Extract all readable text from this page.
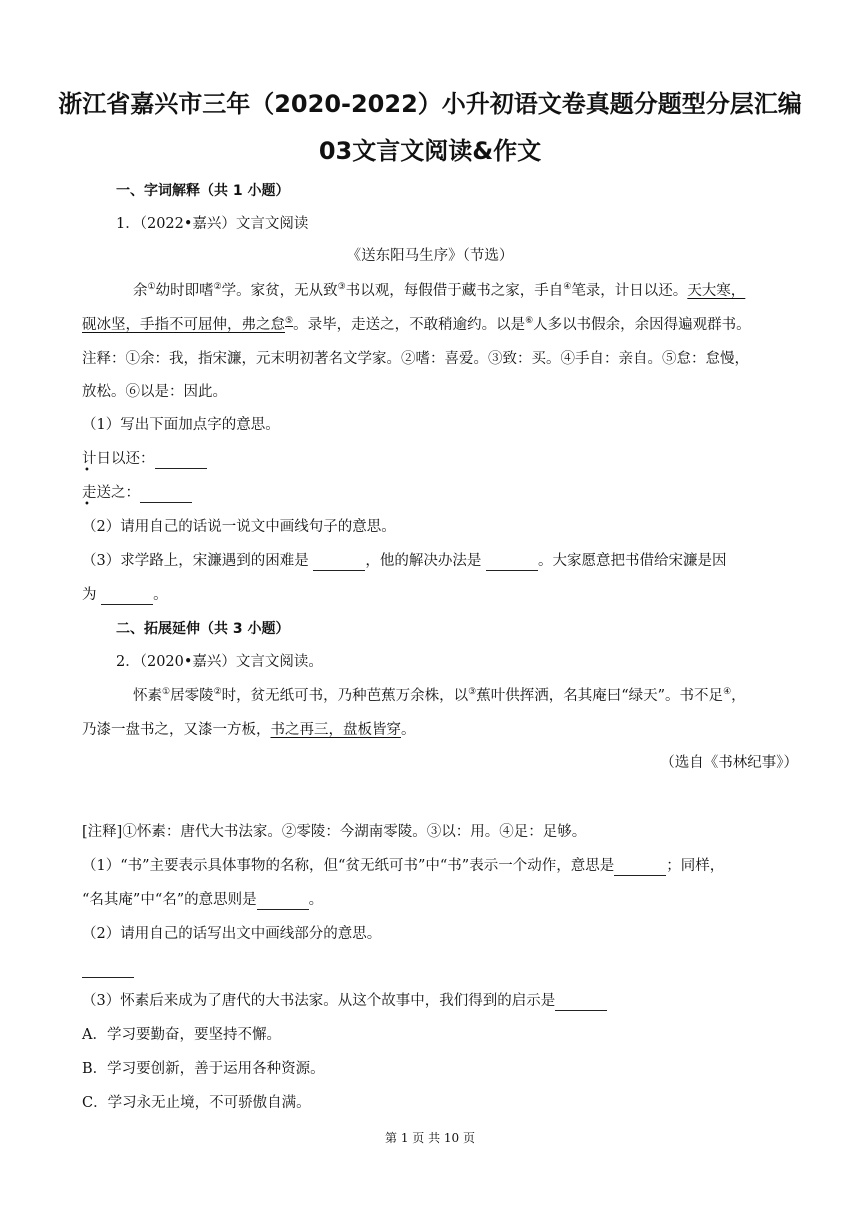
浙江省嘉兴市三年（2020-2022）小升初语文卷真题分题型分层汇编
03文言文阅读&作文
一、字词解释（共 1 小题）
1．（2022•嘉兴）文言文阅读
《送东阳马生序》（节选）
余①幼时即嗜②学。家贫，无从致③书以观，每假借于藏书之家，手自④笔录，计日以还。天大寒，
砚冰坚，手指不可屈伸，弗之怠⑤。录毕，走送之，不敢稍逾约。以是⑥人多以书假余，余因得遍观群书。
注释：①余：我，指宋濂，元末明初著名文学家。②嗜：喜爱。③致：买。④手自：亲自。⑤怠：怠慢，
放松。⑥以是：因此。
（1）写出下面加点字的意思。
计日以还：
走送之：
（2）请用自己的话说一说文中画线句子的意思。
（3）求学路上，宋濂遇到的困难是	，他的解决办法是	。大家愿意把书借给宋濂是因
为	。
二、拓展延伸（共 3 小题）
2．（2020•嘉兴）文言文阅读。
怀素①居零陵②时，贫无纸可书，乃种芭蕉万余株，以③蕉叶供挥洒，名其庵曰“绿天”。书不足④，
乃漆一盘书之，又漆一方板，书之再三，盘板皆穿。
（选自《书林纪事》）
[注释]①怀素：唐代大书法家。②零陵：今湖南零陵。③以：用。④足：足够。
（1）“书”主要表示具体事物的名称，但“贫无纸可书”中“书”表示一个动作，意思是	；同样，
“名其庵”中“名”的意思则是	。
（2）请用自己的话写出文中画线部分的意思。
（3）怀素后来成为了唐代的大书法家。从这个故事中，我们得到的启示是
A．学习要勤奋，要坚持不懈。
B．学习要创新，善于运用各种资源。
C．学习永无止境，不可骄傲自满。
第 1 页 共 10 页
